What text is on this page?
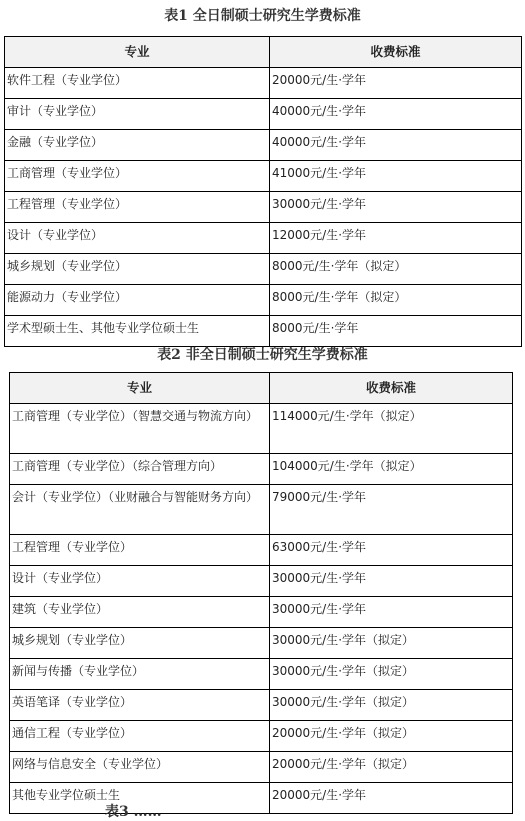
表1 全日制硕士研究生学费标准
专业	收费标准
软件工程（专业学位）	20000元/生·学年
审计（专业学位）	40000元/生·学年
金融（专业学位）	40000元/生·学年
工商管理（专业学位）	41000元/生·学年
工程管理（专业学位）	30000元/生·学年
设计（专业学位）	12000元/生·学年
城乡规划（专业学位）	8000元/生·学年（拟定）
能源动力（专业学位）	8000元/生·学年（拟定）
学术型硕士生、其他专业学位硕士生	8000元/生·学年
表2 非全日制硕士研究生学费标准
专业	收费标准
工商管理（专业学位）（智慧交通与物流方向）	114000元/生·学年（拟定）
工商管理（专业学位）（综合管理方向）	104000元/生·学年（拟定）
会计（专业学位）（业财融合与智能财务方向）	79000元/生·学年
工程管理（专业学位）	63000元/生·学年
设计（专业学位）	30000元/生·学年
建筑（专业学位）	30000元/生·学年
城乡规划（专业学位）	30000元/生·学年（拟定）
新闻与传播（专业学位）	30000元/生·学年（拟定）
英语笔译（专业学位）	30000元/生·学年（拟定）
通信工程（专业学位）	20000元/生·学年（拟定）
网络与信息安全（专业学位）	20000元/生·学年（拟定）
其他专业学位硕士生	20000元/生·学年
表3 ……
